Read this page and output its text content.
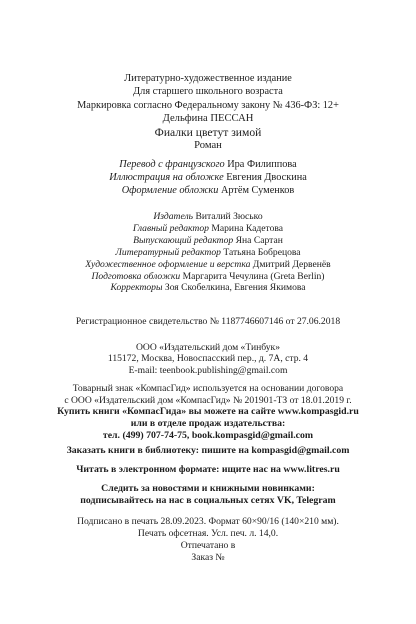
Литературно-художественное издание
Для старшего школьного возраста
Маркировка согласно Федеральному закону № 436-ФЗ: 12+
Дельфина ПЕССАН
Фиалки цветут зимой
Роман
Перевод с французского Ира Филиппова
Иллюстрация на обложке Евгения Двоскина
Оформление обложки Артём Суменков
Издатель Виталий Зюсько
Главный редактор Марина Кадетова
Выпускающий редактор Яна Сартан
Литературный редактор Татьяна Бобрецова
Художественное оформление и верстка Дмитрий Дервенёв
Подготовка обложки Маргарита Чечулина (Greta Berlin)
Корректоры Зоя Скобелкина, Евгения Якимова
Регистрационное свидетельство № 1187746607146 от 27.06.2018
ООО «Издательский дом «Тинбук»
115172, Москва, Новоспасский пер., д. 7А, стр. 4
E-mail: teenbook.publishing@gmail.com
Товарный знак «КомпасГид» используется на основании договора
с ООО «Издательский дом «КомпасГид» № 201901-ТЗ от 18.01.2019 г.
Купить книги «КомпасГида» вы можете на сайте www.kompasgid.ru
или в отделе продаж издательства:
тел. (499) 707-74-75, book.kompasgid@gmail.com
Заказать книги в библиотеку: пишите на kompasgid@gmail.com
Читать в электронном формате: ищите нас на www.litres.ru
Следить за новостями и книжными новинками:
подписывайтесь на нас в социальных сетях VK, Telegram
Подписано в печать 28.09.2023. Формат 60×90/16 (140×210 мм).
Печать офсетная. Усл. печ. л. 14,0.
Отпечатано в
Заказ №
